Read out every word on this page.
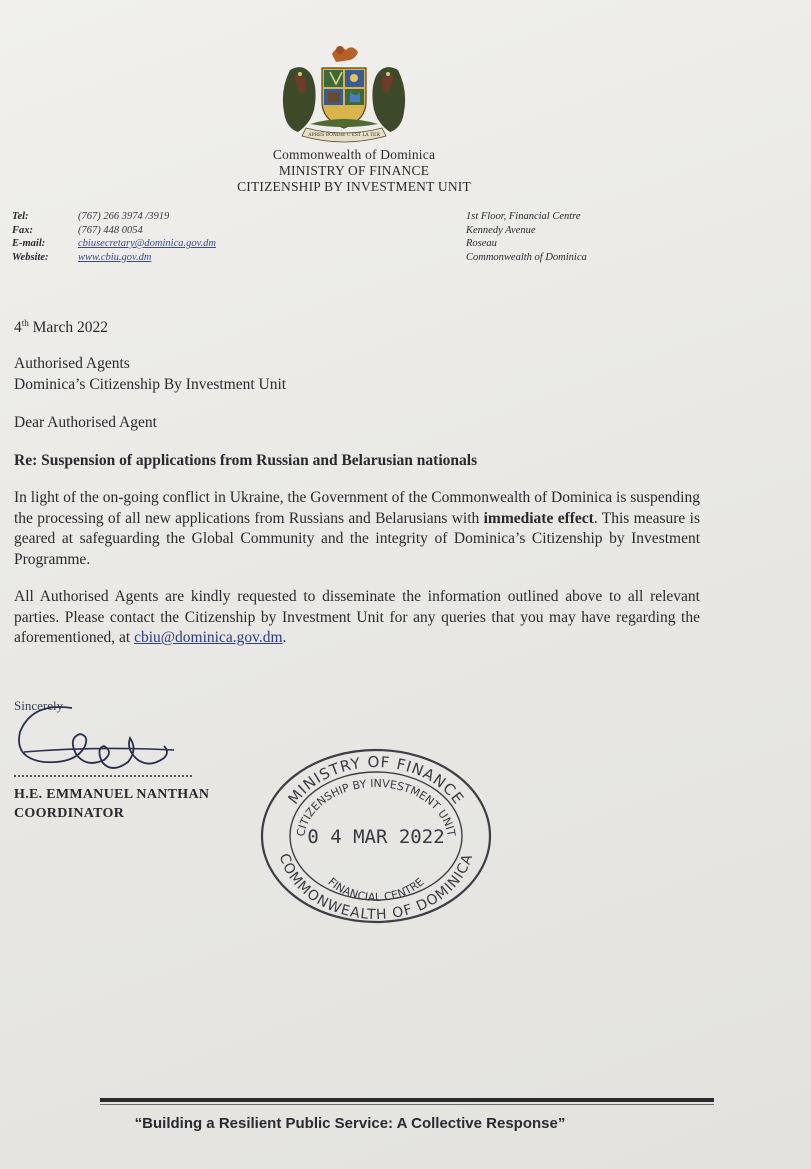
APRES BONDIE C'EST LA TER
Commonwealth of Dominica
MINISTRY OF FINANCE
CITIZENSHIP BY INVESTMENT UNIT
Tel:	(767) 266 3974 /3919
Fax:	(767) 448 0054
E-mail:	cbiusecretary@dominica.gov.dm
Website:	www.cbiu.gov.dm
1st Floor, Financial Centre
Kennedy Avenue
Roseau
Commonwealth of Dominica
4th March 2022
Authorised Agents
Dominica’s Citizenship By Investment Unit
Dear Authorised Agent
Re: Suspension of applications from Russian and Belarusian nationals
In light of the on-going conflict in Ukraine, the Government of the Commonwealth of Dominica is suspending the processing of all new applications from Russians and Belarusians with immediate effect. This measure is geared at safeguarding the Global Community and the integrity of Dominica’s Citizenship by Investment Programme.
All Authorised Agents are kindly requested to disseminate the information outlined above to all relevant parties. Please contact the Citizenship by Investment Unit for any queries that you may have regarding the aforementioned, at cbiu@dominica.gov.dm.
Sincerely
H.E. EMMANUEL NANTHAN
COORDINATOR
MINISTRY OF FINANCE
CITIZENSHIP BY INVESTMENT UNIT
0 4 MAR 2022
FINANCIAL CENTRE
COMMONWEALTH OF DOMINICA
“Building a Resilient Public Service: A Collective Response”
